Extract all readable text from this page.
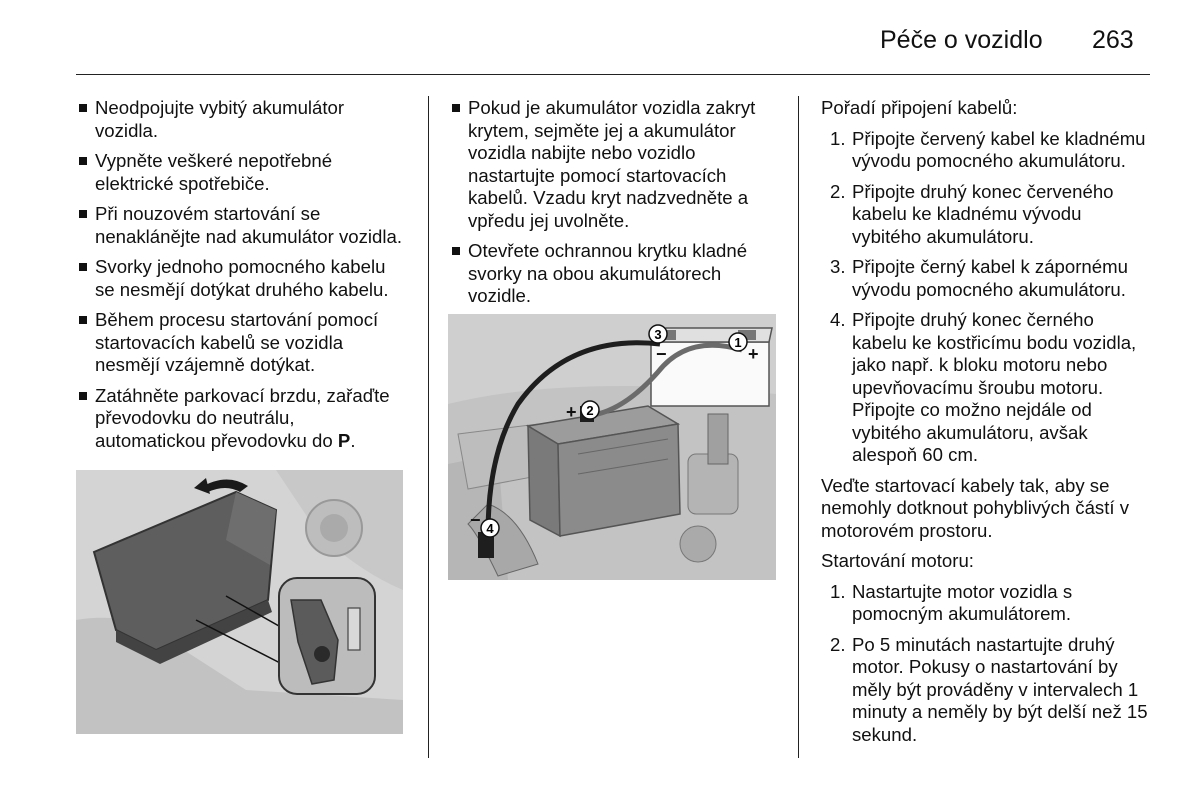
Péče o vozidlo 263
Neodpojujte vybitý akumulátor vozidla.
Vypněte veškeré nepotřebné elektrické spotřebiče.
Při nouzovém startování se nenaklánějte nad akumulátor vozidla.
Svorky jednoho pomocného kabelu se nesmějí dotýkat druhého kabelu.
Během procesu startování pomocí startovacích kabelů se vozidla nesmějí vzájemně dotýkat.
Zatáhněte parkovací brzdu, zařaďte převodovku do neutrálu, automatickou převodovku do P.
Pokud je akumulátor vozidla zakryt krytem, sejměte jej a akumulátor vozidla nabijte nebo vozidlo nastartujte pomocí startovacích kabelů. Vzadu kryt nadzvedněte a vpředu jej uvolněte.
Otevřete ochrannou krytku kladné svorky na obou akumulátorech vozidle.
1
2
3
4
+
+
−
−

Pořadí připojení kabelů:

1. Připojte červený kabel ke kladnému vývodu pomocného akumulátoru.
2. Připojte druhý konec červeného kabelu ke kladnému vývodu vybitého akumulátoru.
3. Připojte černý kabel k zápornému vývodu pomocného akumulátoru.
4. Připojte druhý konec černého kabelu ke kostřicímu bodu vozidla, jako např. k bloku motoru nebo upevňovacímu šroubu motoru. Připojte co možno nejdále od vybitého akumulátoru, avšak alespoň 60 cm.

Veďte startovací kabely tak, aby se nemohly dotknout pohyblivých částí v motorovém prostoru.

Startování motoru:

1. Nastartujte motor vozidla s pomocným akumulátorem.
2. Po 5 minutách nastartujte druhý motor. Pokusy o nastartování by měly být prováděny v intervalech 1 minuty a neměly by být delší než 15 sekund.
